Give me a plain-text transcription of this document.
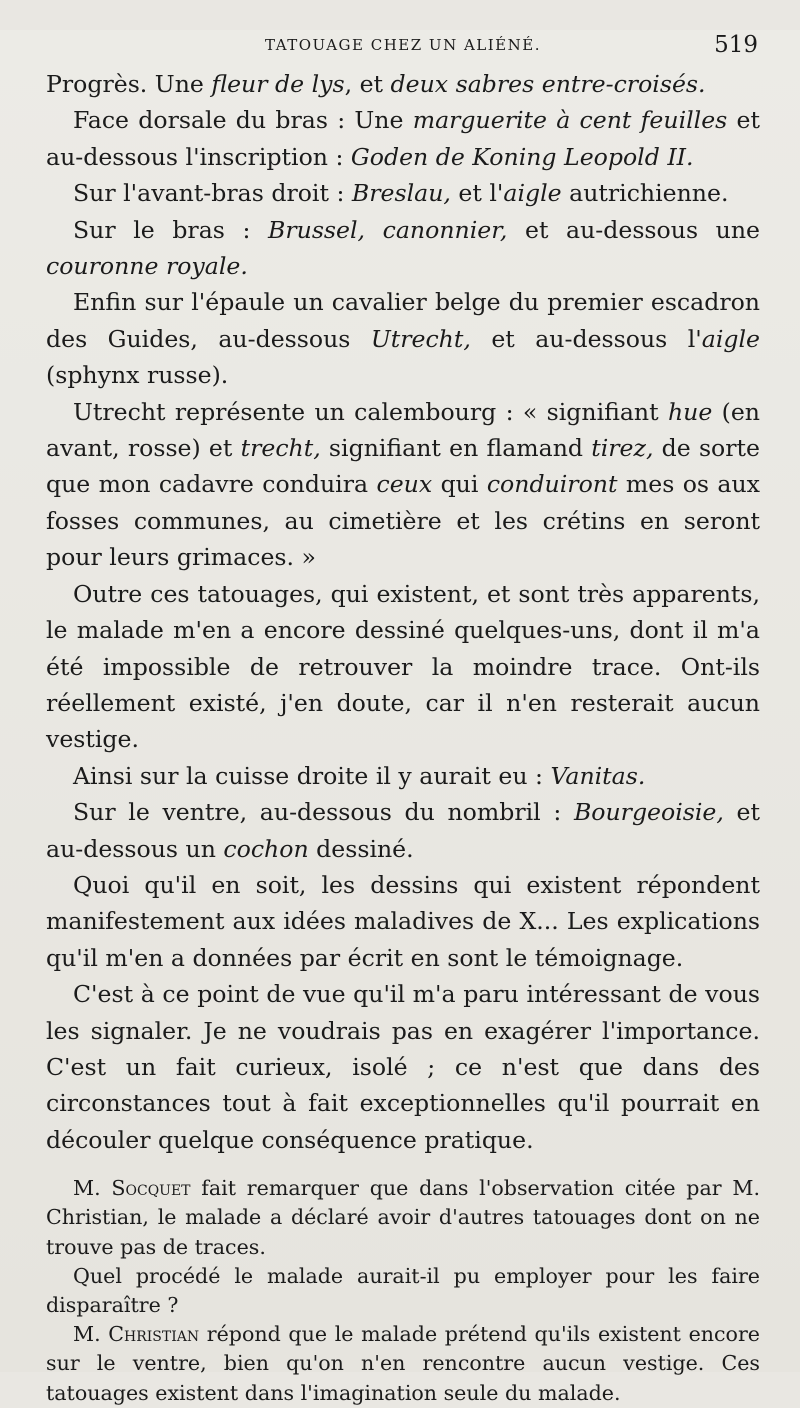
TATOUAGE CHEZ UN ALIÉNÉ.	519

Progrès. Une fleur de lys, et deux sabres entre-croisés.

Face dorsale du bras : Une marguerite à cent feuilles et au-dessous l'inscription : Goden de Koning Leopold II.

Sur l'avant-bras droit : Breslau, et l'aigle autrichienne.

Sur le bras : Brussel, canonnier, et au-dessous une couronne royale.

Enfin sur l'épaule un cavalier belge du premier escadron des Guides, au-dessous Utrecht, et au-dessous l'aigle (sphynx russe).

Utrecht représente un calembourg : « signifiant hue (en avant, rosse) et trecht, signifiant en flamand tirez, de sorte que mon cadavre conduira ceux qui conduiront mes os aux fosses communes, au cimetière et les crétins en seront pour leurs grimaces. »

Outre ces tatouages, qui existent, et sont très apparents, le malade m'en a encore dessiné quelques-uns, dont il m'a été impossible de retrouver la moindre trace. Ont-ils réellement existé, j'en doute, car il n'en resterait aucun vestige.

Ainsi sur la cuisse droite il y aurait eu : Vanitas.

Sur le ventre, au-dessous du nombril : Bourgeoisie, et au-dessous un cochon dessiné.

Quoi qu'il en soit, les dessins qui existent répondent manifestement aux idées maladives de X... Les explications qu'il m'en a données par écrit en sont le témoignage.

C'est à ce point de vue qu'il m'a paru intéressant de vous les signaler. Je ne voudrais pas en exagérer l'importance. C'est un fait curieux, isolé ; ce n'est que dans des circonstances tout à fait exceptionnelles qu'il pourrait en découler quelque conséquence pratique.

M. Socquet fait remarquer que dans l'observation citée par M. Christian, le malade a déclaré avoir d'autres tatouages dont on ne trouve pas de traces.

Quel procédé le malade aurait-il pu employer pour les faire disparaître ?

M. Christian répond que le malade prétend qu'ils existent encore sur le ventre, bien qu'on n'en rencontre aucun vestige. Ces tatouages existent dans l'imagination seule du malade.
